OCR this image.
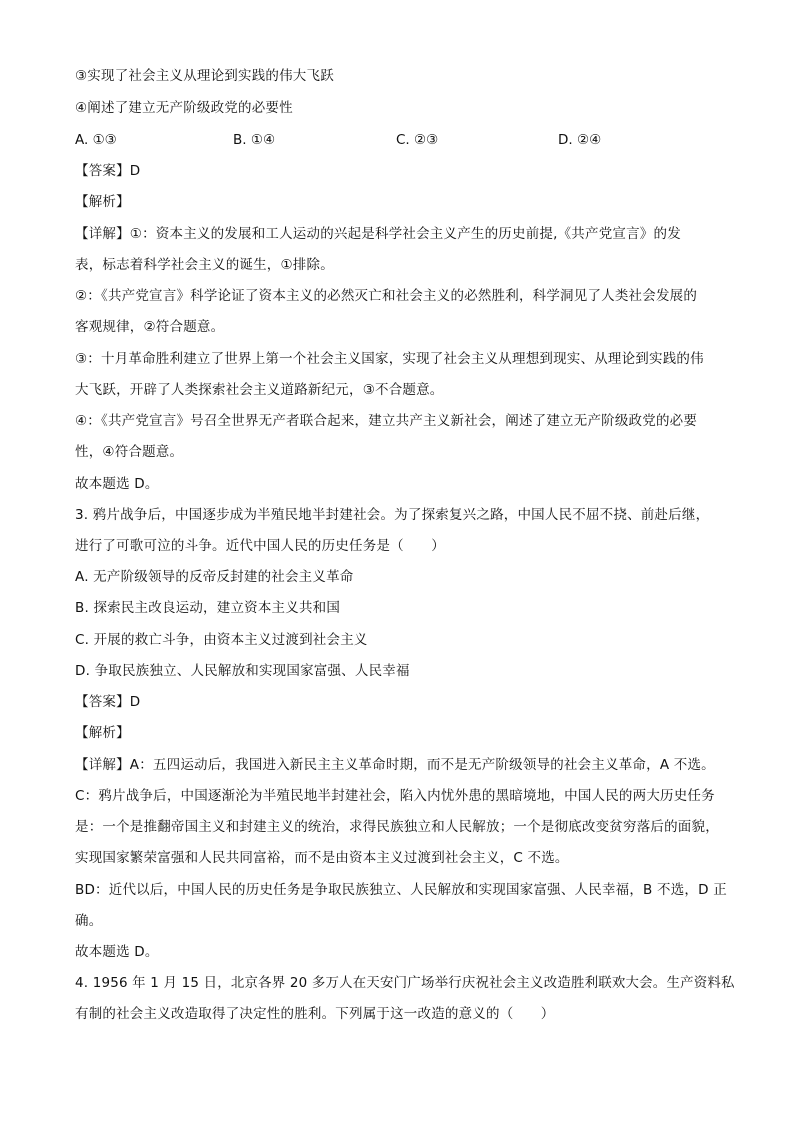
③实现了社会主义从理论到实践的伟大飞跃
④阐述了建立无产阶级政党的必要性
A. ①③	B. ①④	C. ②③	D. ②④
【答案】D
【解析】
【详解】①：资本主义的发展和工人运动的兴起是科学社会主义产生的历史前提,《共产党宣言》的发
表，标志着科学社会主义的诞生，①排除。
②：《共产党宣言》科学论证了资本主义的必然灭亡和社会主义的必然胜利，科学洞见了人类社会发展的
客观规律，②符合题意。
③：十月革命胜利建立了世界上第一个社会主义国家，实现了社会主义从理想到现实、从理论到实践的伟
大飞跃，开辟了人类探索社会主义道路新纪元，③不合题意。
④：《共产党宣言》号召全世界无产者联合起来，建立共产主义新社会，阐述了建立无产阶级政党的必要
性，④符合题意。
故本题选 D。
3. 鸦片战争后，中国逐步成为半殖民地半封建社会。为了探索复兴之路，中国人民不屈不挠、前赴后继，
进行了可歌可泣的斗争。近代中国人民的历史任务是（　　）
A. 无产阶级领导的反帝反封建的社会主义革命
B. 探索民主改良运动，建立资本主义共和国
C. 开展的救亡斗争，由资本主义过渡到社会主义
D. 争取民族独立、人民解放和实现国家富强、人民幸福
【答案】D
【解析】
【详解】A：五四运动后，我国进入新民主主义革命时期，而不是无产阶级领导的社会主义革命，A 不选。
C：鸦片战争后，中国逐渐沦为半殖民地半封建社会，陷入内忧外患的黑暗境地，中国人民的两大历史任务
是：一个是推翻帝国主义和封建主义的统治，求得民族独立和人民解放；一个是彻底改变贫穷落后的面貌，
实现国家繁荣富强和人民共同富裕，而不是由资本主义过渡到社会主义，C 不选。
BD：近代以后，中国人民的历史任务是争取民族独立、人民解放和实现国家富强、人民幸福，B 不选，D 正
确。
故本题选 D。
4. 1956 年 1 月 15 日，北京各界 20 多万人在天安门广场举行庆祝社会主义改造胜利联欢大会。生产资料私
有制的社会主义改造取得了决定性的胜利。下列属于这一改造的意义的（　　）
